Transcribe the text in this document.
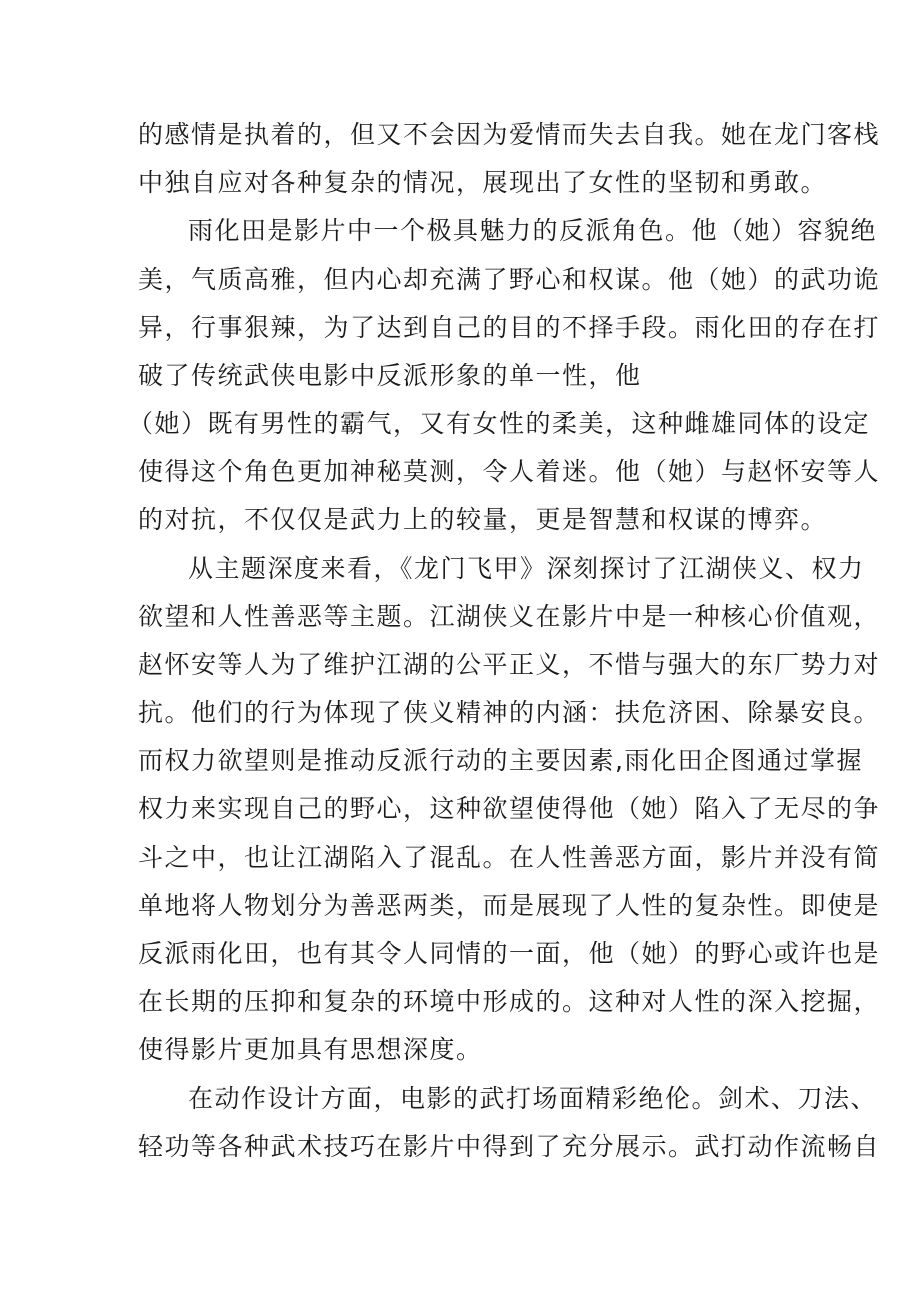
的感情是执着的，但又不会因为爱情而失去自我。她在龙门客栈
中独自应对各种复杂的情况，展现出了女性的坚韧和勇敢。
雨化田是影片中一个极具魅力的反派角色。他（她）容貌绝
美，气质高雅，但内心却充满了野心和权谋。他（她）的武功诡
异，行事狠辣，为了达到自己的目的不择手段。雨化田的存在打
破了传统武侠电影中反派形象的单一性，他
（她）既有男性的霸气，又有女性的柔美，这种雌雄同体的设定
使得这个角色更加神秘莫测，令人着迷。他（她）与赵怀安等人
的对抗，不仅仅是武力上的较量，更是智慧和权谋的博弈。
从主题深度来看，《龙门飞甲》深刻探讨了江湖侠义、权力
欲望和人性善恶等主题。江湖侠义在影片中是一种核心价值观，
赵怀安等人为了维护江湖的公平正义，不惜与强大的东厂势力对
抗。他们的行为体现了侠义精神的内涵：扶危济困、除暴安良。
而权力欲望则是推动反派行动的主要因素,雨化田企图通过掌握
权力来实现自己的野心，这种欲望使得他（她）陷入了无尽的争
斗之中，也让江湖陷入了混乱。在人性善恶方面，影片并没有简
单地将人物划分为善恶两类，而是展现了人性的复杂性。即使是
反派雨化田，也有其令人同情的一面，他（她）的野心或许也是
在长期的压抑和复杂的环境中形成的。这种对人性的深入挖掘，
使得影片更加具有思想深度。
在动作设计方面，电影的武打场面精彩绝伦。剑术、刀法、
轻功等各种武术技巧在影片中得到了充分展示。武打动作流畅自
